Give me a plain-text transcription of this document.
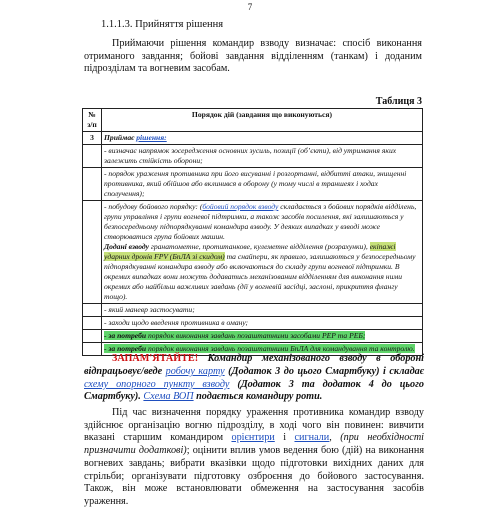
7
1.1.1.3. Прийняття рішення
Приймаючи рішення командир взводу визначає: спосіб виконання отриманого завдання; бойові завдання відділенням (танкам) і доданим підрозділам та вогневим засобам.
Таблиця 3
№ з/п	Порядок дій (завдання що виконуються)
3	Приймає рішення:
	- визначає напрямок зосередження основних зусиль, позиції (об’єкти), від утримання яких залежить стійкість оборони;
	- порядок ураження противника при його висуванні і розгортанні, відбитті атаки, знищенні противника, який обійшов або вклинився в оборону (у тому числі в траншеях і ходах сполучення);

	- побудову бойового порядку: (бойовий порядок взводу складається з бойових порядків відділень, групи управління і групи вогневої підтримки, а також засобів посилення, які залишаються у безпосередньому підпорядкуванні командира взводу. У деяких випадках у взводі може створюватися група бойових машин.
Додані взводу гранатометне, протитанкове, кулеметне відділення (розрахунки), екіпажі ударних дронів FPV (БпЛА зі скидом) та снайпери, як правило, залишаються у безпосередньому підпорядкуванні командира взводу або включаються до складу групи вогневої підтримки. В окремих випадках вони можуть додаватись механізованим відділенням для виконання ними окремих або найбільш важливих завдань (дії у вогневій засідці, заслоні, прикриття флангу тощо).

	- який маневр застосувати;
	- заходи щодо введення противника в оману;
	- за потреби порядок виконання завдань позаштатними засобами РЕР та РЕБ;
	- за потреби порядок виконання завдань позаштатними БпЛА для командування та контролю.
ЗАПАМ'ЯТАЙТЕ! Командир механізованого взводу в обороні відпрацьовує/веде робочу карту (Додаток 3 до цього Смартбуку) і складає схему опорного пункту взводу (Додаток 3 та додаток 4 до цього Смартбуку). Схема ВОП подається командиру роти.
Під час визначення порядку ураження противника командир взводу здійснює організацію вогню підрозділу, в ході чого він повинен: вивчити вказані старшим командиром орієнтири і сигнали, (при необхідності призначити додаткові); оцінити вплив умов ведення бою (дій) на виконання вогневих завдань; вибрати вказівки щодо підготовки вихідних даних для стрільби; організувати підготовку озброєння до бойового застосування. Також, він може встановлювати обмеження на застосування засобів ураження.
